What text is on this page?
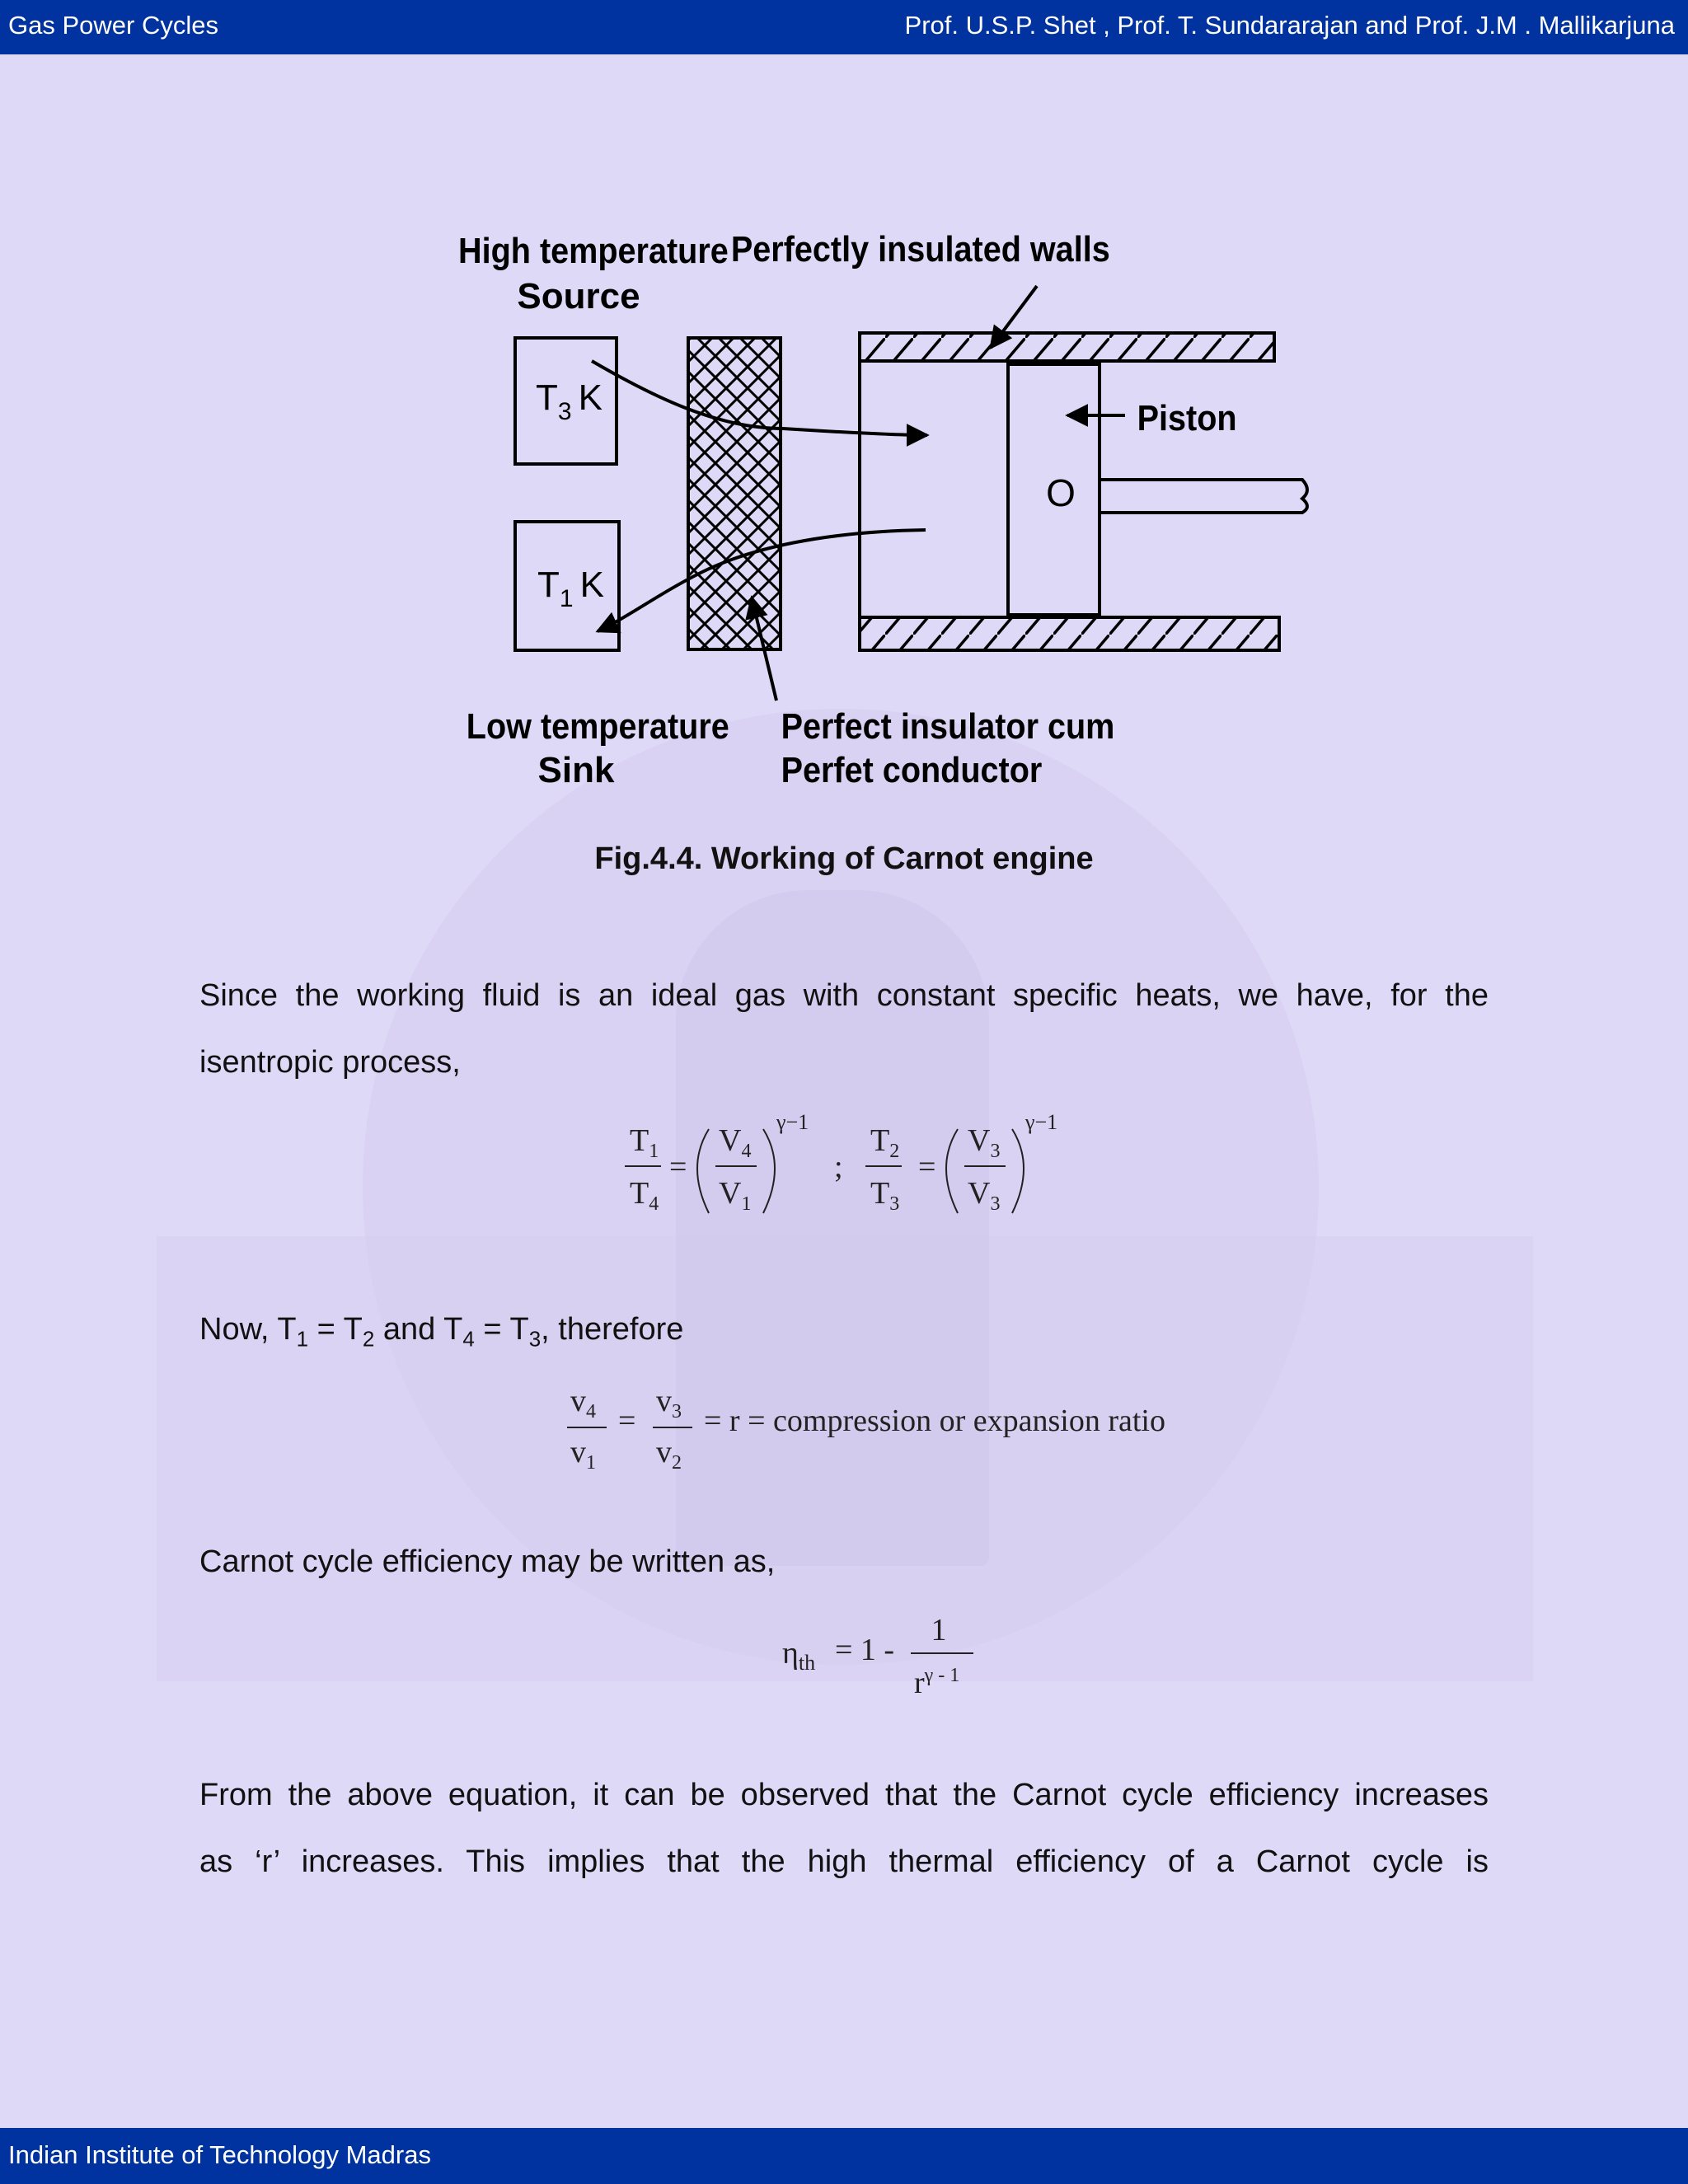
Gas Power Cycles	Prof. U.S.P. Shet , Prof. T. Sundararajan and Prof. J.M . Mallikarjuna
High temperature
Source
Perfectly insulated walls
Piston
Low temperature
Sink
Perfect insulator cum
Perfet conductor
$T_3$ K
$T_1$ K
O
Fig.4.4. Working of Carnot engine
Since the working fluid is an ideal gas with constant specific heats, we have, for the
isentropic process,
$T_1$
$T_4$
=
$V_4$
$V_1$
γ−1
;
$T_2$
$T_3$
=
$V_3$
$V_3$
γ−1
Now, $T_1 = T_2$ and $T_4 = T_3$, therefore
$v_4$
$v_1$
=
$v_3$
$v_2$
= r = compression or expansion ratio
Carnot cycle efficiency may be written as,
$\eta_{th} = 1$ -
1
$r^{\gamma - 1}$
From the above equation, it can be observed that the Carnot cycle efficiency increases
as ‘r’ increases. This implies that the high thermal efficiency of a Carnot cycle is
Indian Institute of Technology Madras
